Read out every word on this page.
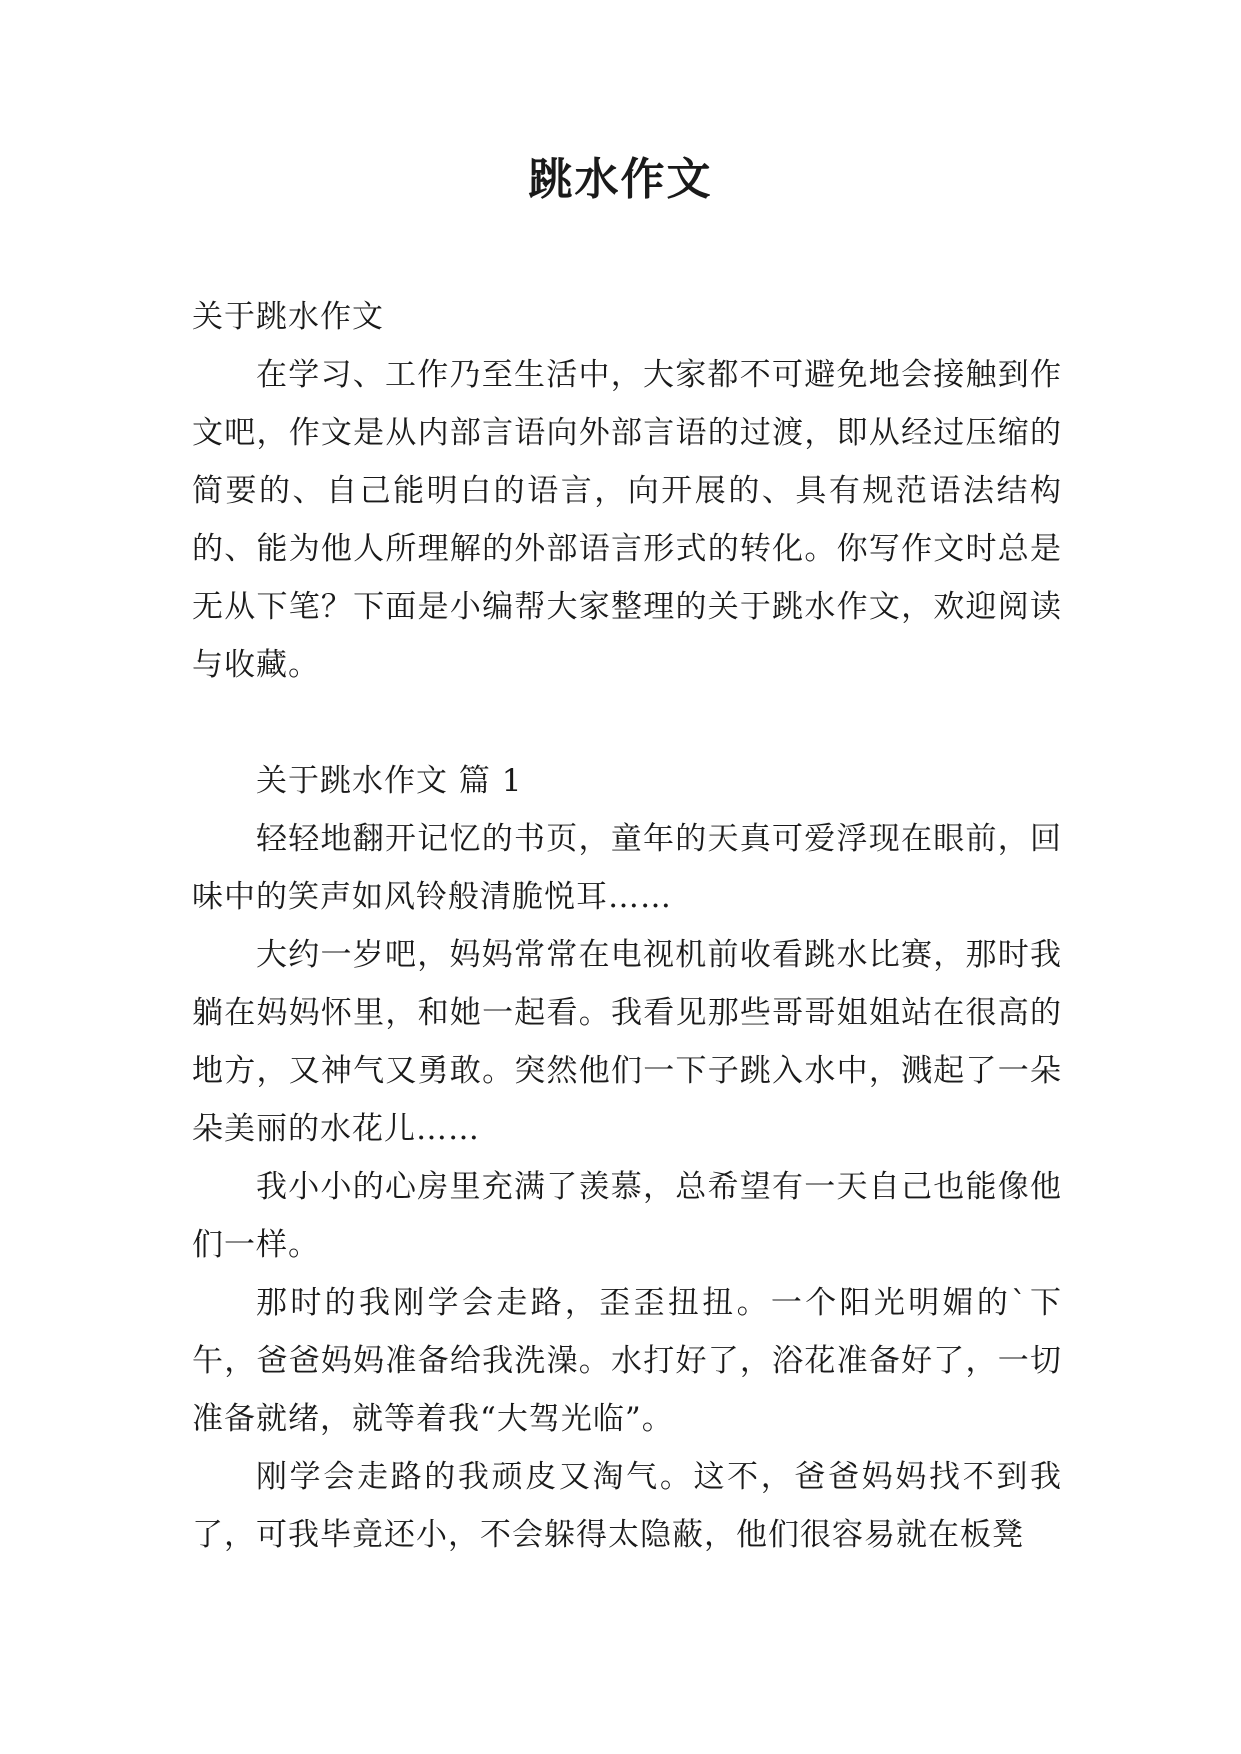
跳水作文

关于跳水作文

在学习、工作乃至生活中，大家都不可避免地会接触到作文吧，作文是从内部言语向外部言语的过渡，即从经过压缩的简要的、自己能明白的语言，向开展的、具有规范语法结构的、能为他人所理解的外部语言形式的转化。你写作文时总是无从下笔？下面是小编帮大家整理的关于跳水作文，欢迎阅读与收藏。

关于跳水作文 篇 1

轻轻地翻开记忆的书页，童年的天真可爱浮现在眼前，回味中的笑声如风铃般清脆悦耳……

大约一岁吧，妈妈常常在电视机前收看跳水比赛，那时我躺在妈妈怀里，和她一起看。我看见那些哥哥姐姐站在很高的地方，又神气又勇敢。突然他们一下子跳入水中，溅起了一朵朵美丽的水花儿……

我小小的心房里充满了羡慕，总希望有一天自己也能像他们一样。

那时的我刚学会走路，歪歪扭扭。一个阳光明媚的`下午，爸爸妈妈准备给我洗澡。水打好了，浴花准备好了，一切准备就绪，就等着我“大驾光临”。

刚学会走路的我顽皮又淘气。这不，爸爸妈妈找不到我了，可我毕竟还小，不会躲得太隐蔽，他们很容易就在板凳
